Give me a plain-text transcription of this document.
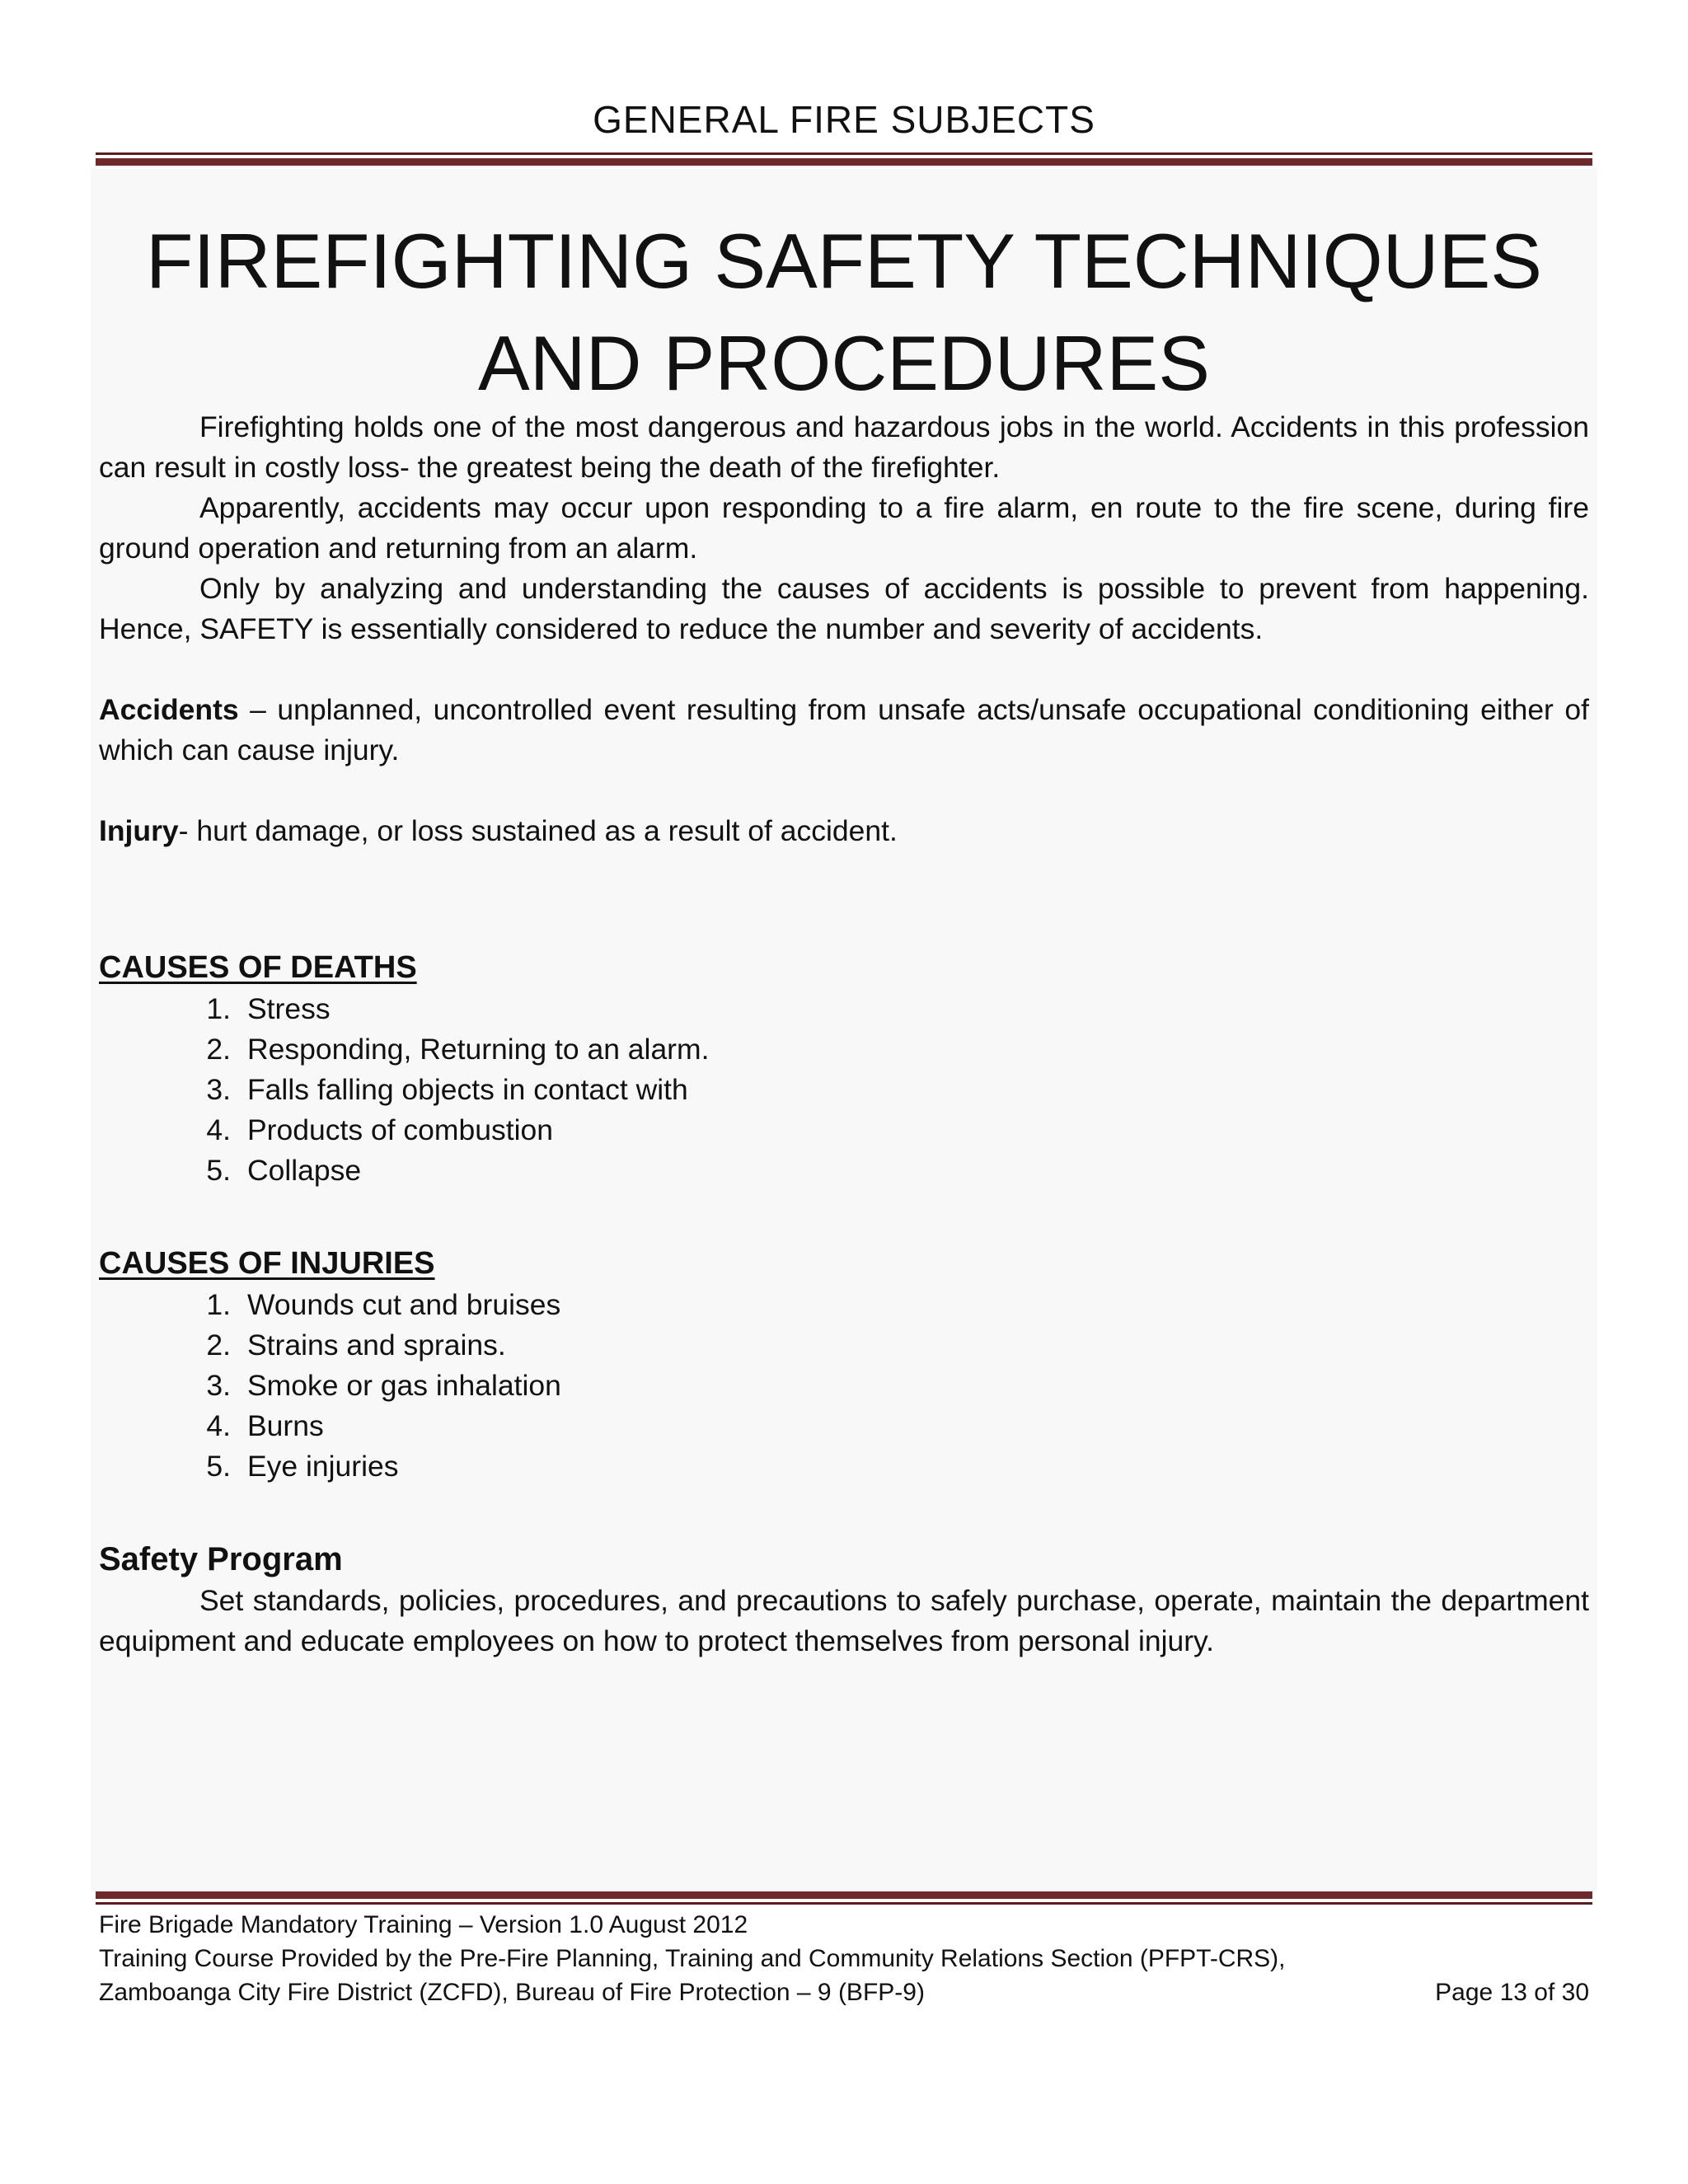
GENERAL FIRE SUBJECTS
FIREFIGHTING SAFETY TECHNIQUES
AND PROCEDURES

Firefighting holds one of the most dangerous and hazardous jobs in the world. Accidents in this profession can result in costly loss- the greatest being the death of the firefighter.

Apparently, accidents may occur upon responding to a fire alarm, en route to the fire scene, during fire ground operation and returning from an alarm.

Only by analyzing and understanding the causes of accidents is possible to prevent from happening. Hence, SAFETY is essentially considered to reduce the number and severity of accidents.

Accidents – unplanned, uncontrolled event resulting from unsafe acts/unsafe occupational conditioning either of which can cause injury.

Injury- hurt damage, or loss sustained as a result of accident.

CAUSES OF DEATHS
1. Stress
2. Responding, Returning to an alarm.
3. Falls falling objects in contact with
4. Products of combustion
5. Collapse
CAUSES OF INJURIES
1. Wounds cut and bruises
2. Strains and sprains.
3. Smoke or gas inhalation
4. Burns
5. Eye injuries
Safety Program

Set standards, policies, procedures, and precautions to safely purchase, operate, maintain the department equipment and educate employees on how to protect themselves from personal injury.

Fire Brigade Mandatory Training – Version 1.0 August 2012
Training Course Provided by the Pre-Fire Planning, Training and Community Relations Section (PFPT-CRS),
Zamboanga City Fire District (ZCFD), Bureau of Fire Protection – 9 (BFP-9)	Page 13 of 30
